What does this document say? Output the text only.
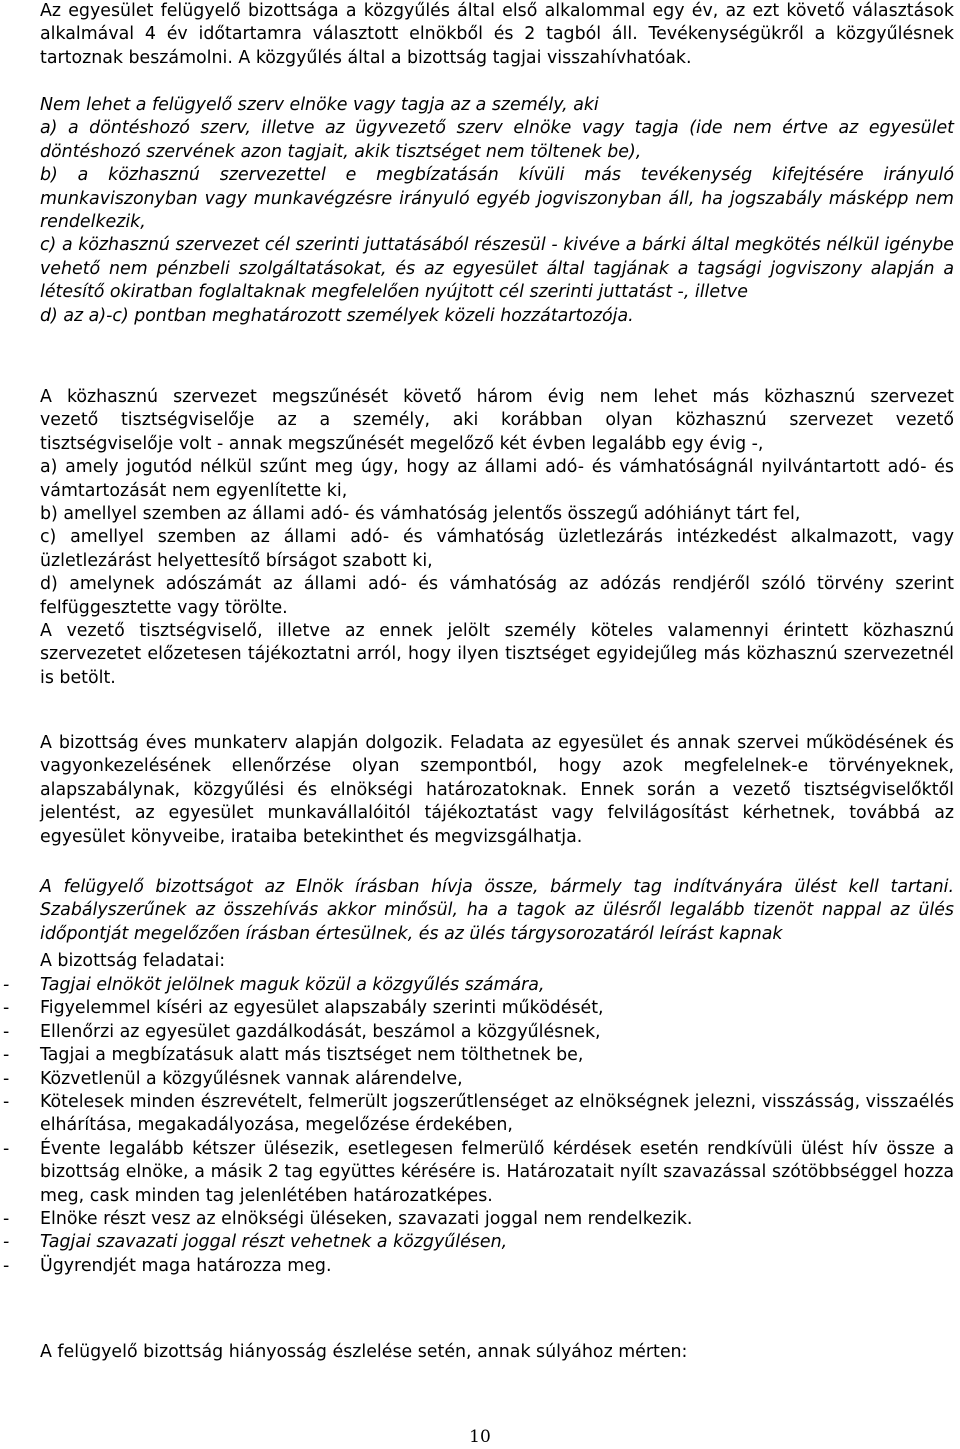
Az egyesület felügyelő bizottsága a közgyűlés által első alkalommal egy év, az ezt követő választások alkalmával 4 év időtartamra választott elnökből és 2 tagból áll. Tevékenységükről a közgyűlésnek tartoznak beszámolni. A közgyűlés által a bizottság tagjai visszahívhatóak.

Nem lehet a felügyelő szerv elnöke vagy tagja az a személy, aki
a) a döntéshozó szerv, illetve az ügyvezető szerv elnöke vagy tagja (ide nem értve az egyesület döntéshozó szervének azon tagjait, akik tisztséget nem töltenek be),
b) a közhasznú szervezettel e megbízatásán kívüli más tevékenység kifejtésére irányuló munkaviszonyban vagy munkavégzésre irányuló egyéb jogviszonyban áll, ha jogszabály másképp nem rendelkezik,
c) a közhasznú szervezet cél szerinti juttatásából részesül - kivéve a bárki által megkötés nélkül igénybe vehető nem pénzbeli szolgáltatásokat, és az egyesület által tagjának a tagsági jogviszony alapján a létesítő okiratban foglaltaknak megfelelően nyújtott cél szerinti juttatást -, illetve
d) az a)-c) pontban meghatározott személyek közeli hozzátartozója.
A közhasznú szervezet megszűnését követő három évig nem lehet más közhasznú szervezet
vezető tisztségviselője az a személy, aki korábban olyan közhasznú szervezet vezető
tisztségviselője volt - annak megszűnését megelőző két évben legalább egy évig -,
a) amely jogutód nélkül szűnt meg úgy, hogy az állami adó- és vámhatóságnál nyilvántartott adó- és vámtartozását nem egyenlítette ki,
b) amellyel szemben az állami adó- és vámhatóság jelentős összegű adóhiányt tárt fel,
c) amellyel szemben az állami adó- és vámhatóság üzletlezárás intézkedést alkalmazott, vagy üzletlezárást helyettesítő bírságot szabott ki,
d) amelynek adószámát az állami adó- és vámhatóság az adózás rendjéről szóló törvény szerint felfüggesztette vagy törölte.
A vezető tisztségviselő, illetve az ennek jelölt személy köteles valamennyi érintett közhasznú szervezetet előzetesen tájékoztatni arról, hogy ilyen tisztséget egyidejűleg más közhasznú szervezetnél is betölt.

A bizottság éves munkaterv alapján dolgozik. Feladata az egyesület és annak szervei működésének és vagyonkezelésének ellenőrzése olyan szempontból, hogy azok megfelelnek-e törvényeknek, alapszabálynak, közgyűlési és elnökségi határozatoknak. Ennek során a vezető tisztségviselőktől jelentést, az egyesület munkavállalóitól tájékoztatást vagy felvilágosítást kérhetnek, továbbá az egyesület könyveibe, irataiba betekinthet és megvizsgálhatja.

A felügyelő bizottságot az Elnök írásban hívja össze, bármely tag indítványára ülést kell tartani. Szabályszerűnek az összehívás akkor minősül, ha a tagok az ülésről legalább tizenöt nappal az ülés időpontját megelőzően írásban értesülnek, és az ülés tárgysorozatáról leírást kapnak

A bizottság feladatai:
- Tagjai elnököt jelölnek maguk közül a közgyűlés számára,
- Figyelemmel kíséri az egyesület alapszabály szerinti működését,
- Ellenőrzi az egyesület gazdálkodását, beszámol a közgyűlésnek,
- Tagjai a megbízatásuk alatt más tisztséget nem tölthetnek be,
- Közvetlenül a közgyűlésnek vannak alárendelve,
- Kötelesek minden észrevételt, felmerült jogszerűtlenséget az elnökségnek jelezni, visszásság, visszaélés elhárítása, megakadályozása, megelőzése érdekében,
- Évente legalább kétszer ülésezik, esetlegesen felmerülő kérdések esetén rendkívüli ülést hív össze a bizottság elnöke, a másik 2 tag együttes kérésére is. Határozatait nyílt szavazással szótöbbséggel hozza meg, cask minden tag jelenlétében határozatképes.
- Elnöke részt vesz az elnökségi üléseken, szavazati joggal nem rendelkezik.
- Tagjai szavazati joggal részt vehetnek a közgyűlésen,
- Ügyrendjét maga határozza meg.
A felügyelő bizottság hiányosság észlelése setén, annak súlyához mérten:
10
